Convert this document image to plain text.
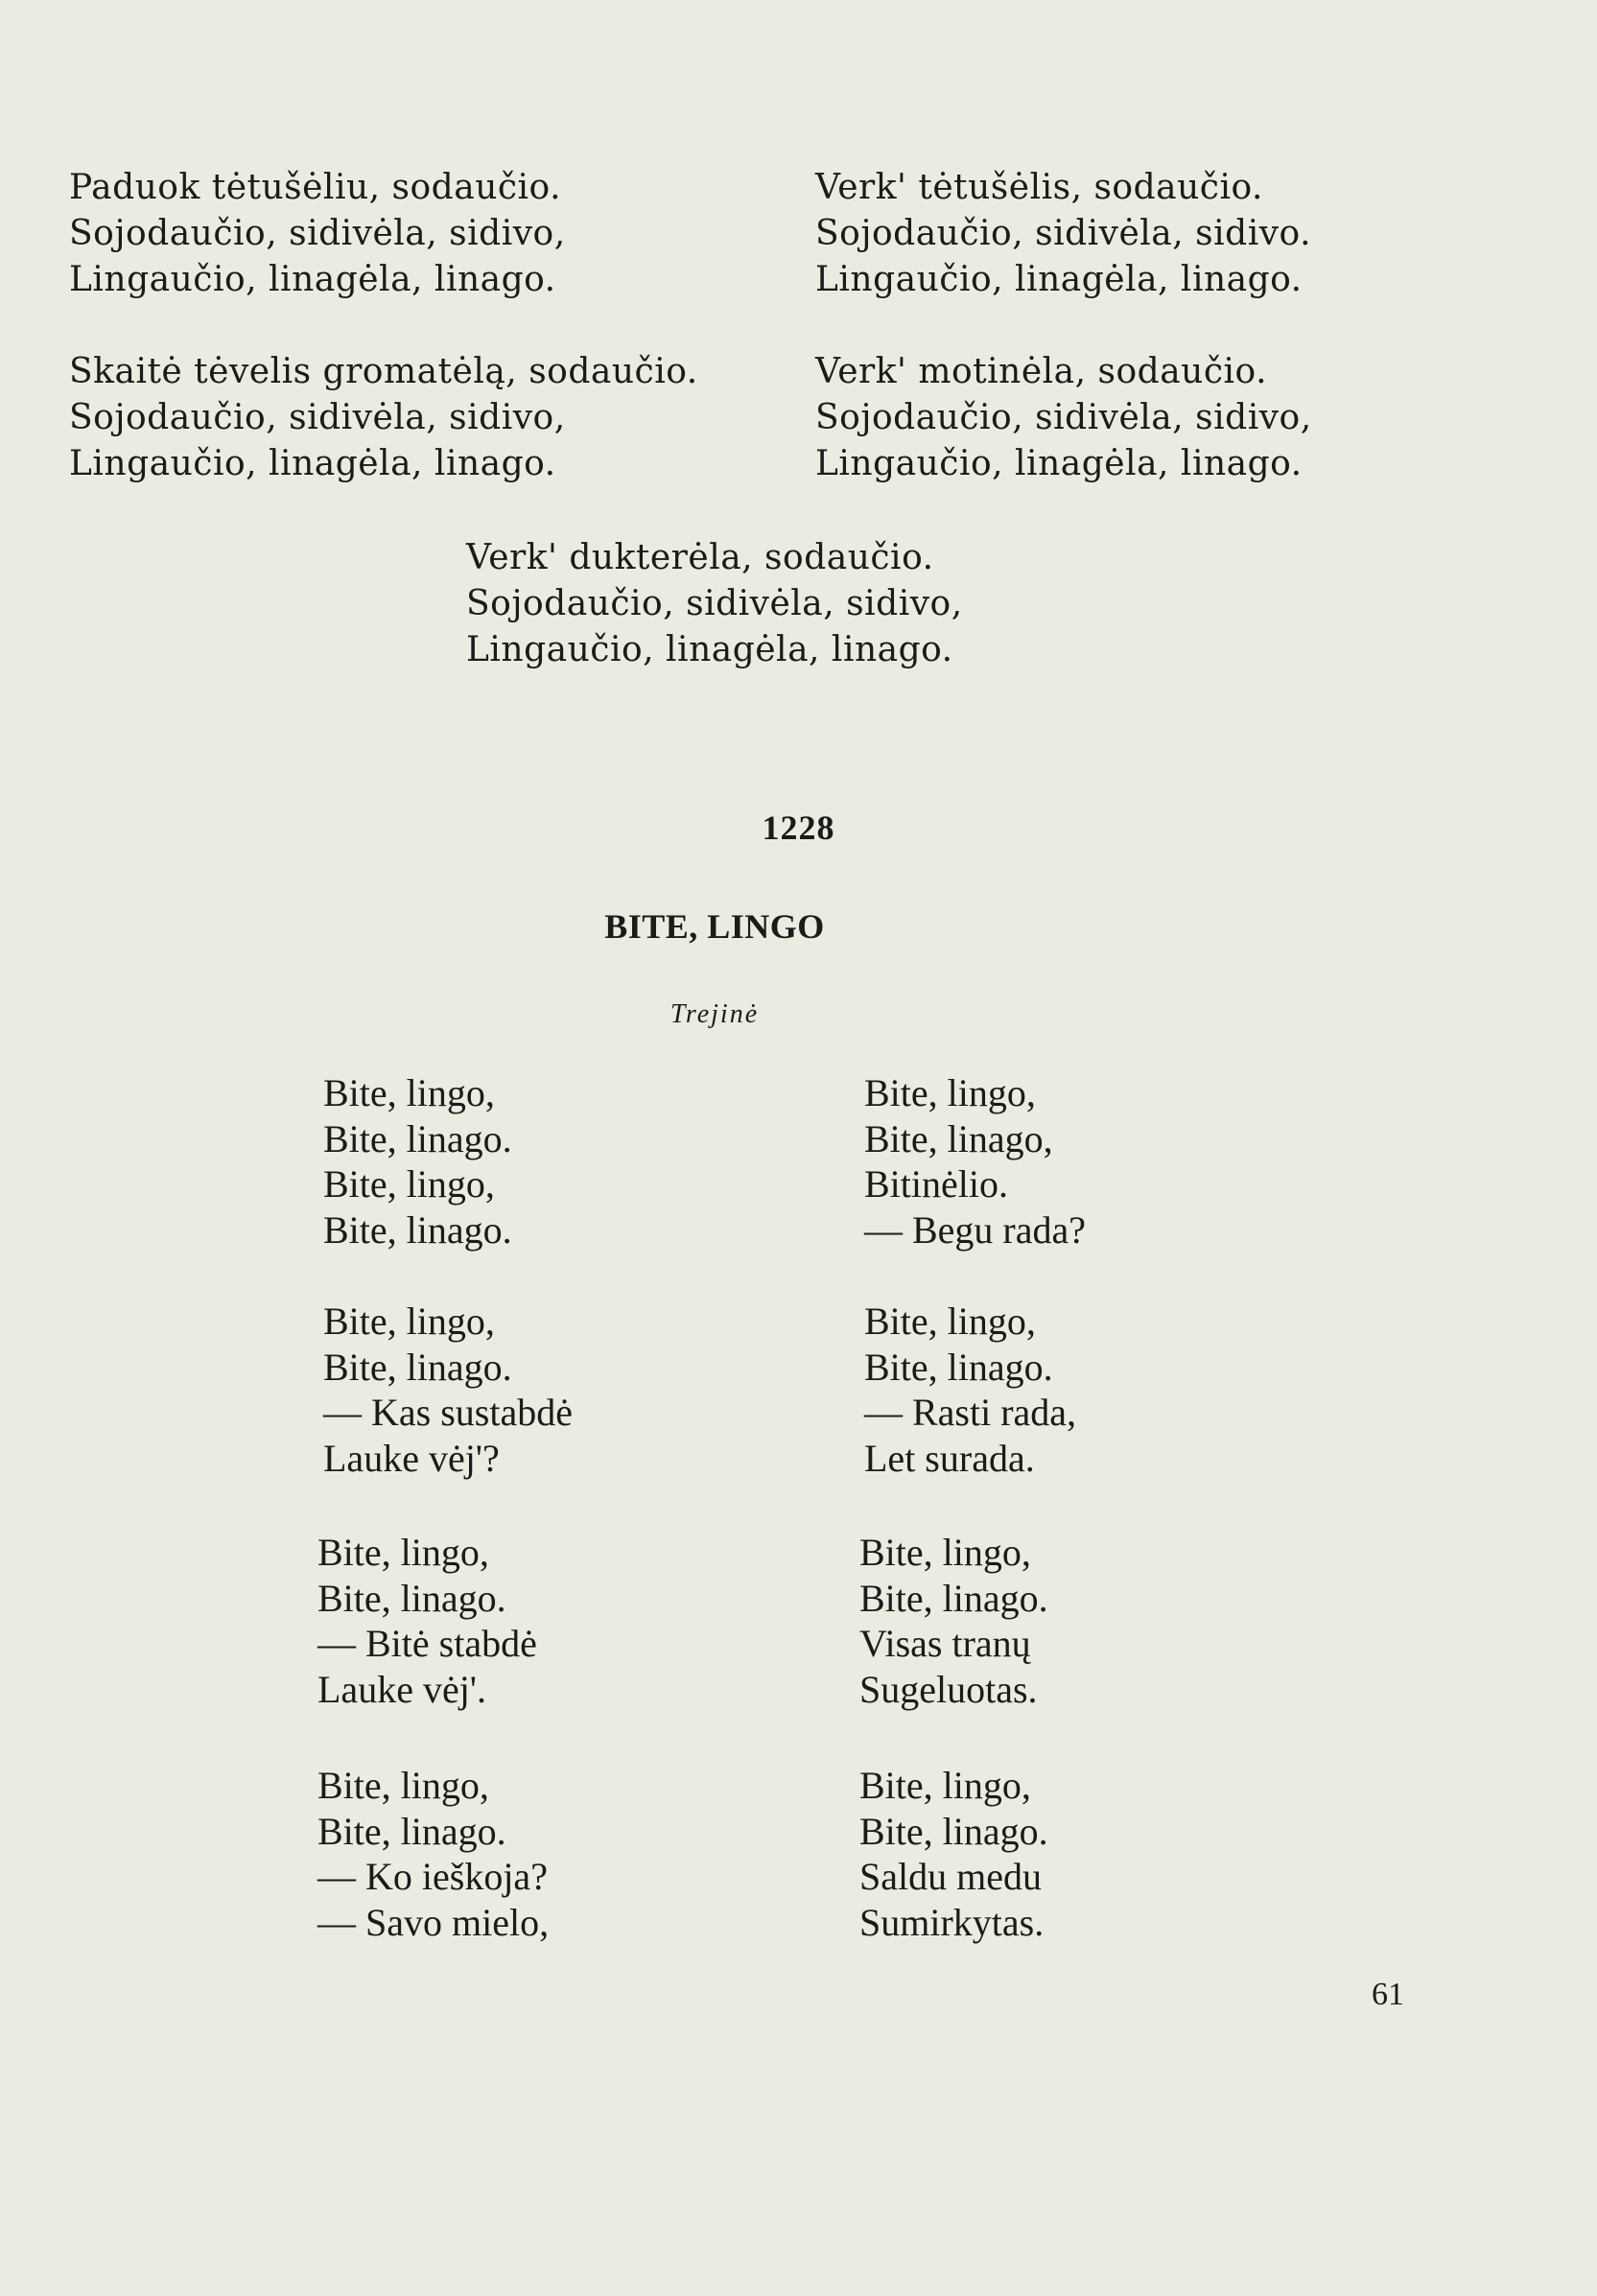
Paduok tėtušėliu, sodaučio.
Sojodaučio, sidivėla, sidivo,
Lingaučio, linagėla, linago.
Verk' tėtušėlis, sodaučio.
Sojodaučio, sidivėla, sidivo.
Lingaučio, linagėla, linago.
Skaitė tėvelis gromatėlą, sodaučio.
Sojodaučio, sidivėla, sidivo,
Lingaučio, linagėla, linago.
Verk' motinėla, sodaučio.
Sojodaučio, sidivėla, sidivo,
Lingaučio, linagėla, linago.
Verk' dukterėla, sodaučio.
Sojodaučio, sidivėla, sidivo,
Lingaučio, linagėla, linago.

1228

BITE, LINGO

Trejinė

Bite, lingo,
Bite, linago.
Bite, lingo,
Bite, linago.
Bite, lingo,
Bite, linago.
— Kas sustabdė
Lauke vėj'?
Bite, lingo,
Bite, linago.
— Bitė stabdė
Lauke vėj'.
Bite, lingo,
Bite, linago.
— Ko ieškoja?
— Savo mielo,
Bite, lingo,
Bite, linago,
Bitinėlio.
— Begu rada?
Bite, lingo,
Bite, linago.
— Rasti rada,
Let surada.
Bite, lingo,
Bite, linago.
Visas tranų
Sugeluotas.
Bite, lingo,
Bite, linago.
Saldu medu
Sumirkytas.

61
